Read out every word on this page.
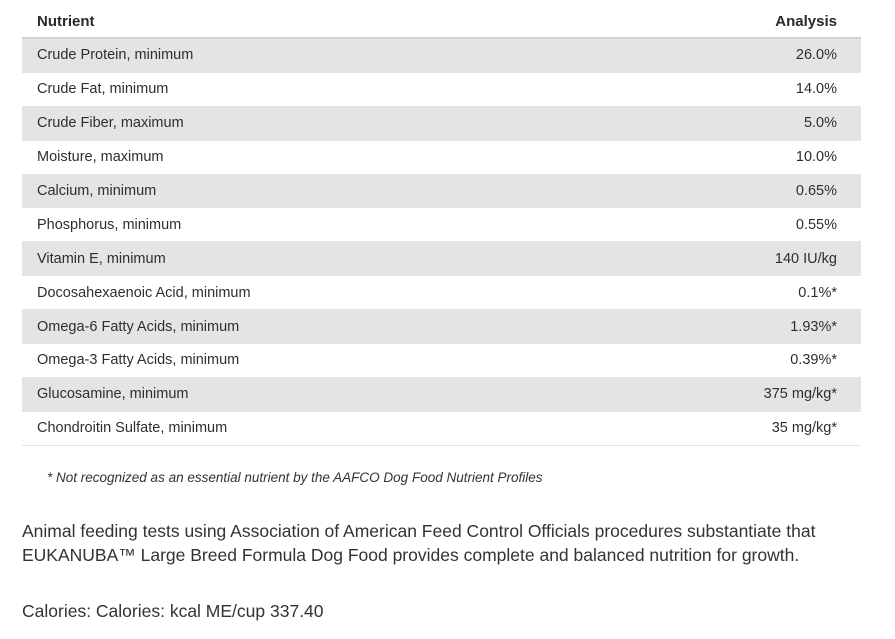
Nutrient	Analysis
Crude Protein, minimum	26.0%
Crude Fat, minimum	14.0%
Crude Fiber, maximum	5.0%
Moisture, maximum	10.0%
Calcium, minimum	0.65%
Phosphorus, minimum	0.55%
Vitamin E, minimum	140 IU/kg
Docosahexaenoic Acid, minimum	0.1%*
Omega-6 Fatty Acids, minimum	1.93%*
Omega-3 Fatty Acids, minimum	0.39%*
Glucosamine, minimum	375 mg/kg*
Chondroitin Sulfate, minimum	35 mg/kg*
* Not recognized as an essential nutrient by the AAFCO Dog Food Nutrient Profiles
Animal feeding tests using Association of American Feed Control Officials procedures substantiate that EUKANUBA™ Large Breed Formula Dog Food provides complete and balanced nutrition for growth.
Calories: Calories: kcal ME/cup 337.40
